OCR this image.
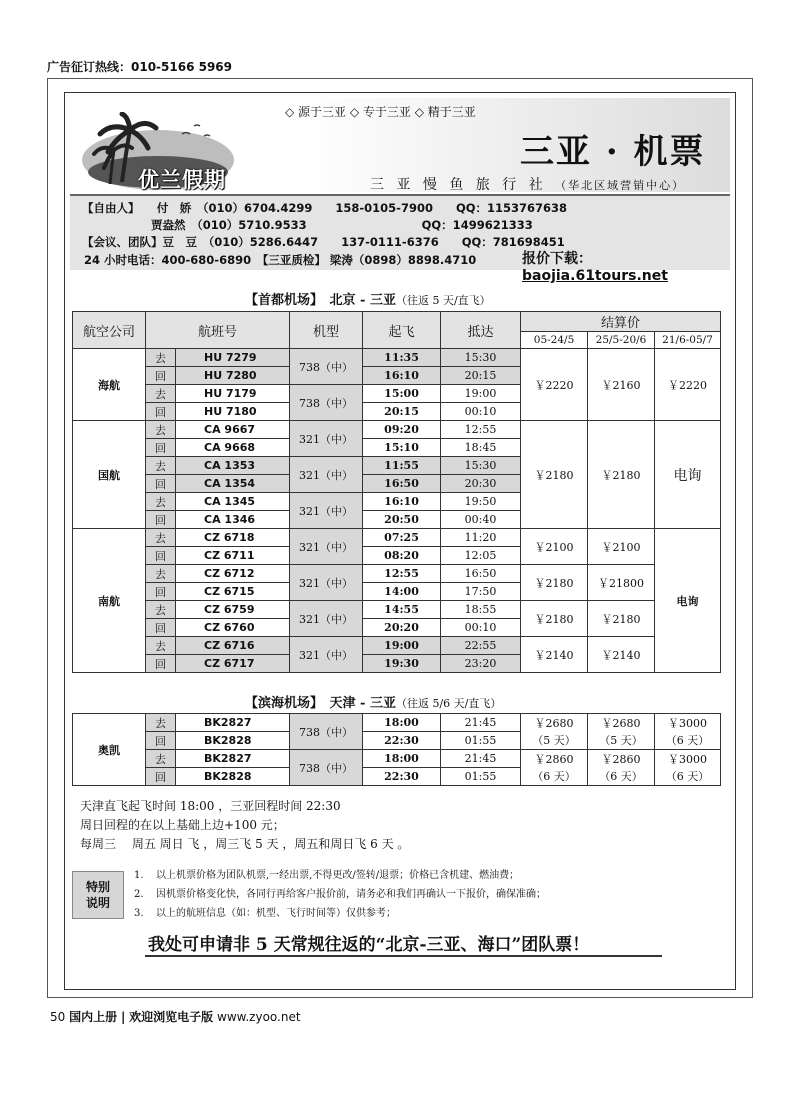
广告征订热线：010-5166 5969
◇ 源于三亚 ◇ 专于三亚 ◇ 精于三亚
优兰假期
三亚 · 机票
三 亚 慢 鱼 旅 行 社 （华北区域营销中心）
【自由人】　　付　娇　（010）6704.4299　　158-0105-7900　　QQ：1153767638
　　　　　　贾盎然　（010）5710.9533　　　　　　　　　　QQ：1499621333
【会议、团队】豆　豆　（010）5286.6447　　137-0111-6376　　QQ：781698451
24 小时电话：400-680-6890　【三亚质检】 梁涛（0898）8898.4710	报价下载：baojia.61tours.net
【首都机场】　北京 - 三亚（往返 5 天/直飞）
航空公司	航班号		机型	起飞	抵达	结算价		
						05-24/5	25/5-20/6	21/6-05/7
海航	去	HU 7279	738（中）	11:35	15:30	￥2220	￥2160	￥2220
	回	HU 7280		16:10	20:15			
	去	HU 7179	738（中）	15:00	19:00			
	回	HU 7180		20:15	00:10			
国航	去	CA 9667	321（中）	09:20	12:55	￥2180	￥2180	电询
	回	CA 9668		15:10	18:45			
	去	CA 1353	321（中）	11:55	15:30			
	回	CA 1354		16:50	20:30			
	去	CA 1345	321（中）	16:10	19:50			
	回	CA 1346		20:50	00:40			
南航	去	CZ 6718	321（中）	07:25	11:20	￥2100	￥2100	电询
	回	CZ 6711		08:20	12:05			
	去	CZ 6712	321（中）	12:55	16:50	￥2180	￥21800	
	回	CZ 6715		14:00	17:50			
	去	CZ 6759	321（中）	14:55	18:55	￥2180	￥2180	
	回	CZ 6760		20:20	00:10			
	去	CZ 6716	321（中）	19:00	22:55	￥2140	￥2140	
	回	CZ 6717		19:30	23:20			
【滨海机场】　天津 - 三亚（往返 5/6 天/直飞）
奥凯	去	BK2827	738（中）	18:00	21:45	￥2680	￥2680	￥3000
	回	BK2828		22:30	01:55	（5 天）	（5 天）	（6 天）
	去	BK2827	738（中）	18:00	21:45	￥2860	￥2860	￥3000
	回	BK2828		22:30	01:55	（6 天）	（6 天）	（6 天）
天津直飞起飞时间 18:00 ，三亚回程时间 22:30
周日回程的在以上基础上边+100 元；
每周三　 周五 周日 飞 ，周三飞 5 天 ，周五和周日飞 6 天 。
特别说明
1. 以上机票价格为团队机票,一经出票,不得更改/签转/退票；价格已含机建、燃油费；
2. 因机票价格变化快，各同行再给客户报价前，请务必和我们再确认一下报价，确保准确；
3. 以上的航班信息（如：机型、飞行时间等）仅供参考；
我处可申请非 5 天常规往返的“北京-三亚、海口”团队票！
50 国内上册 | 欢迎浏览电子版 www.zyoo.net
